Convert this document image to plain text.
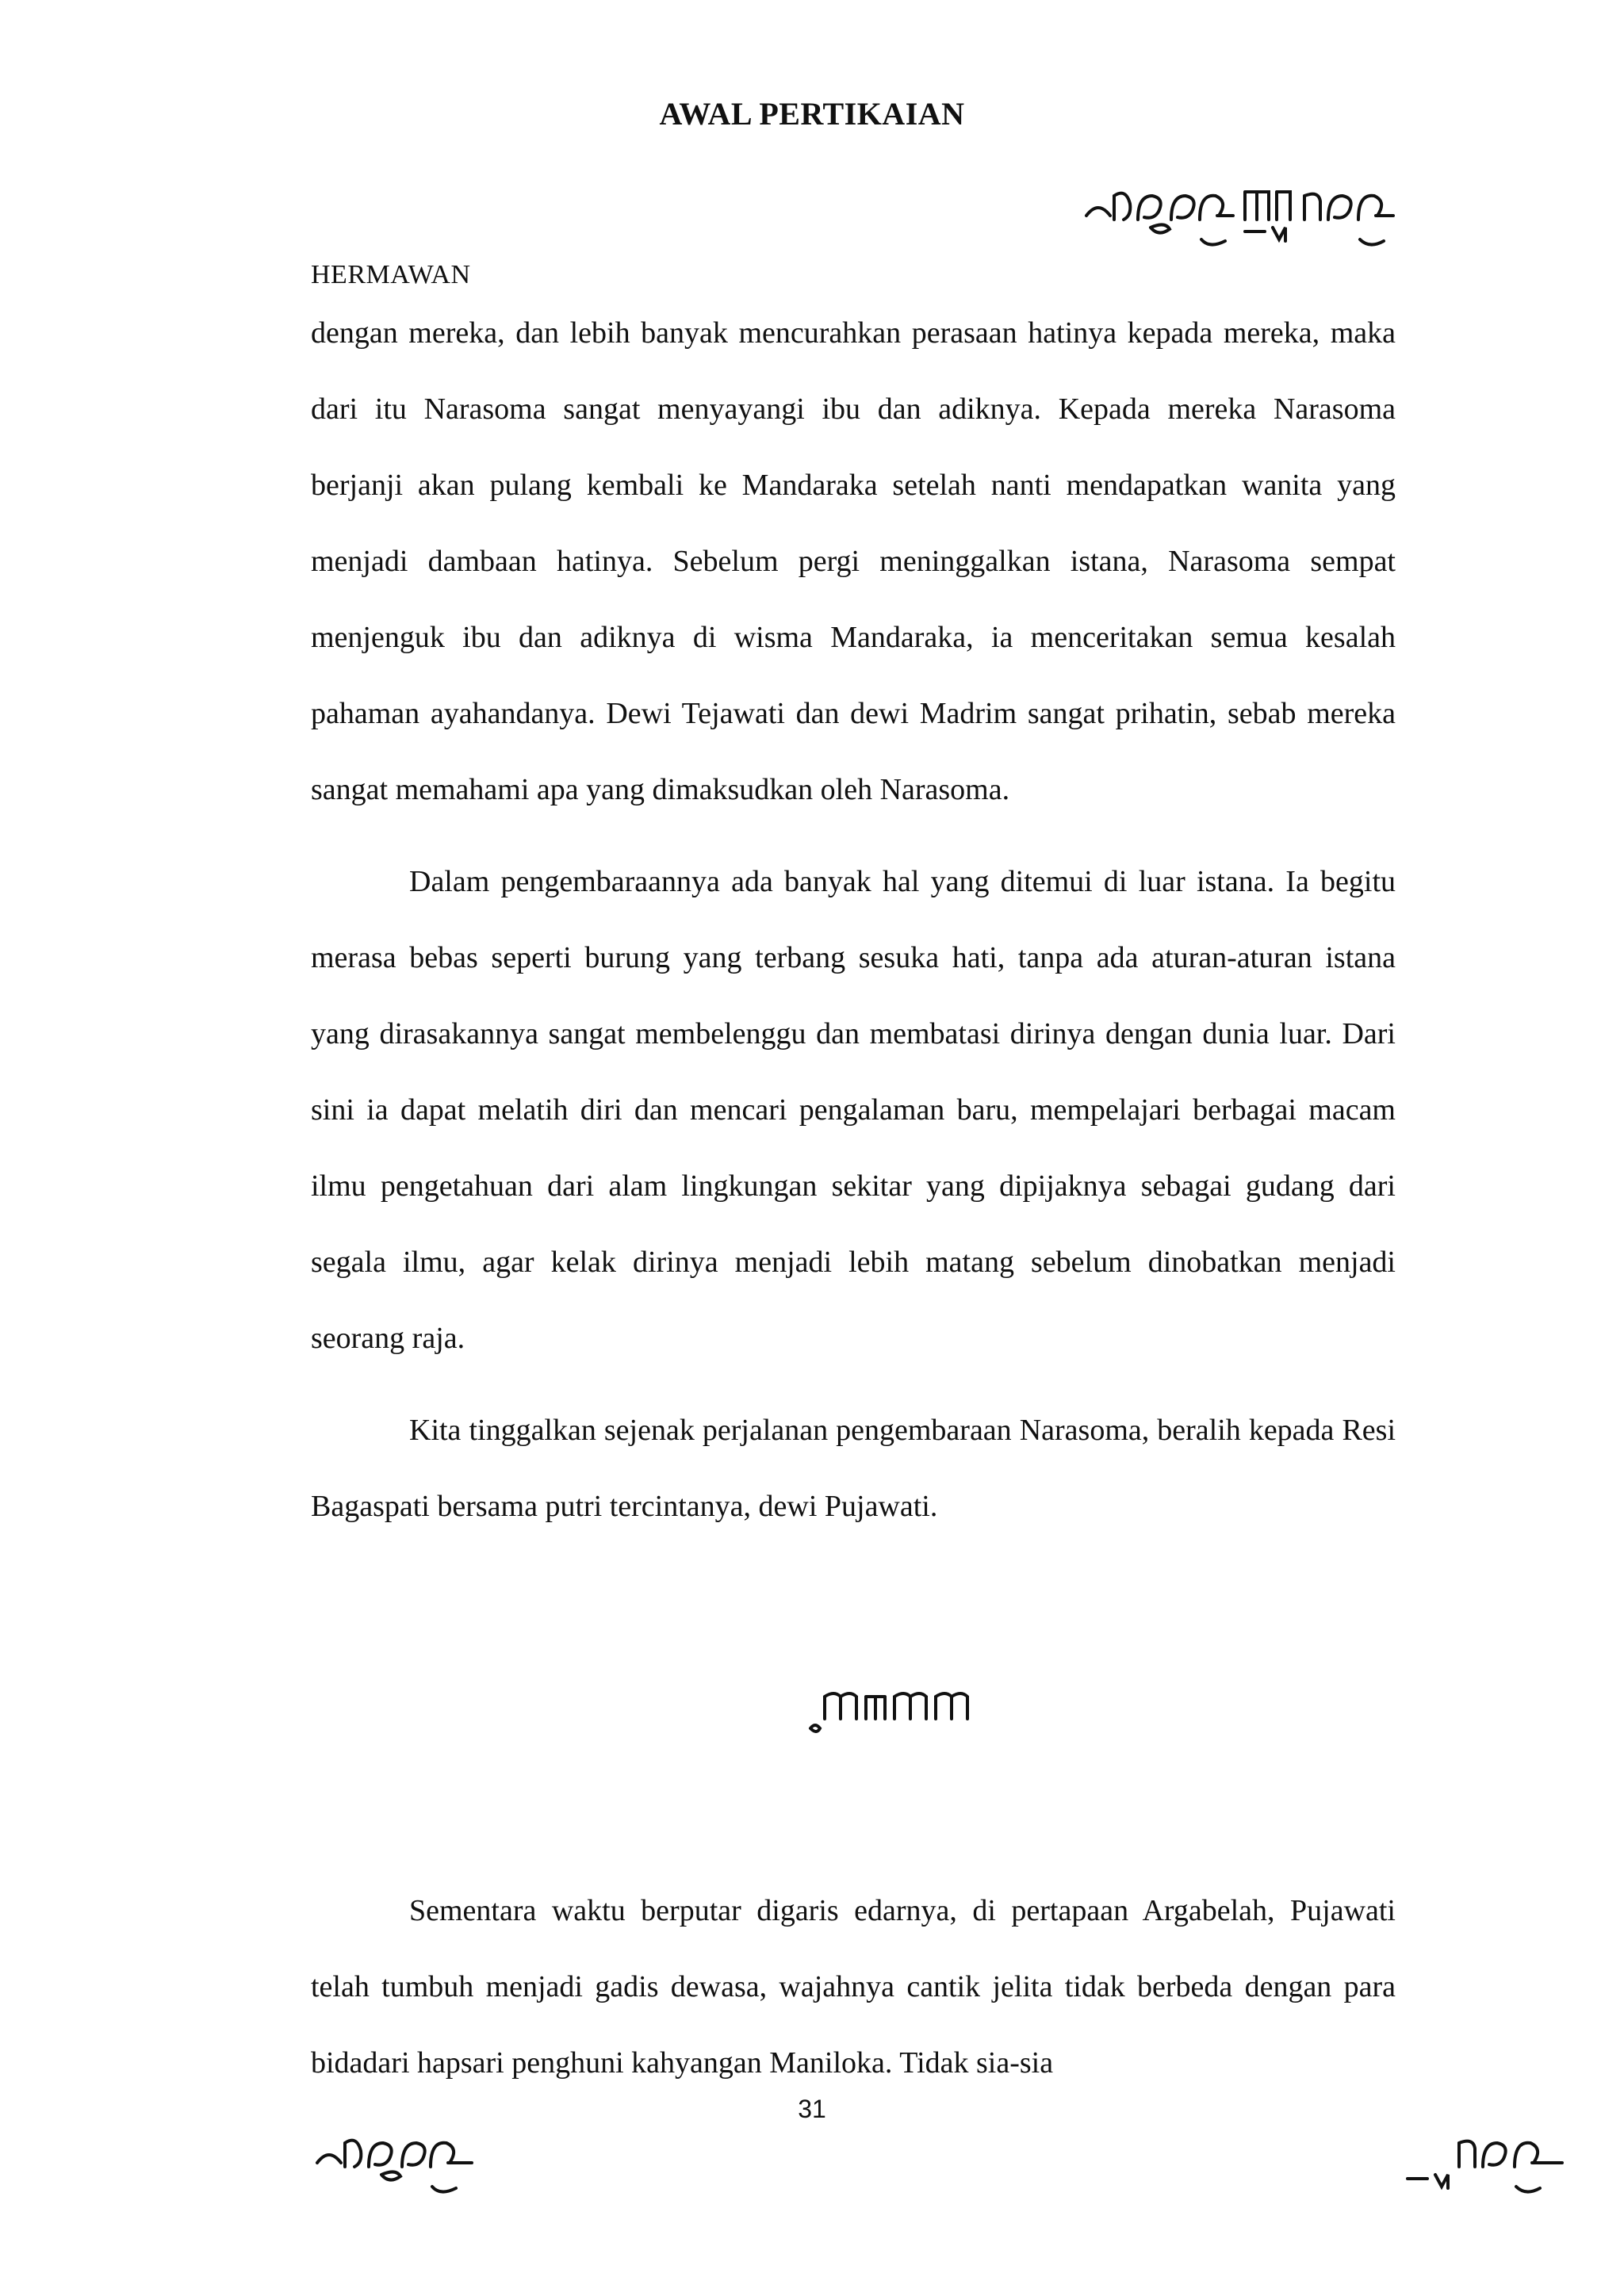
AWAL PERTIKAIAN
HERMAWAN

dengan mereka, dan lebih banyak mencurahkan perasaan hatinya kepada mereka, maka dari itu Narasoma sangat menyayangi ibu dan adiknya. Kepada mereka Narasoma berjanji akan pulang kembali ke Mandaraka setelah nanti mendapatkan wanita yang menjadi dambaan hatinya. Sebelum pergi meninggalkan istana, Narasoma sempat menjenguk ibu dan adiknya di wisma Mandaraka, ia menceritakan semua kesalah pahaman ayahandanya. Dewi Tejawati dan dewi Madrim sangat prihatin, sebab mereka sangat memahami apa yang dimaksudkan oleh Narasoma.

Dalam pengembaraannya ada banyak hal yang ditemui di luar istana. Ia begitu merasa bebas seperti burung yang terbang sesuka hati, tanpa ada aturan-aturan istana yang dirasakannya sangat membelenggu dan membatasi dirinya dengan dunia luar. Dari sini ia dapat melatih diri dan mencari pengalaman baru, mempelajari berbagai macam ilmu pengetahuan dari alam lingkungan sekitar yang dipijaknya sebagai gudang dari segala ilmu, agar kelak dirinya menjadi lebih matang sebelum dinobatkan menjadi seorang raja.

Kita tinggalkan sejenak perjalanan pengembaraan Narasoma, beralih kepada Resi Bagaspati bersama putri tercintanya, dewi Pujawati.

Sementara waktu berputar digaris edarnya, di pertapaan Argabelah, Pujawati telah tumbuh menjadi gadis dewasa, wajahnya cantik jelita tidak berbeda dengan para bidadari hapsari penghuni kahyangan Maniloka. Tidak sia-sia

31
